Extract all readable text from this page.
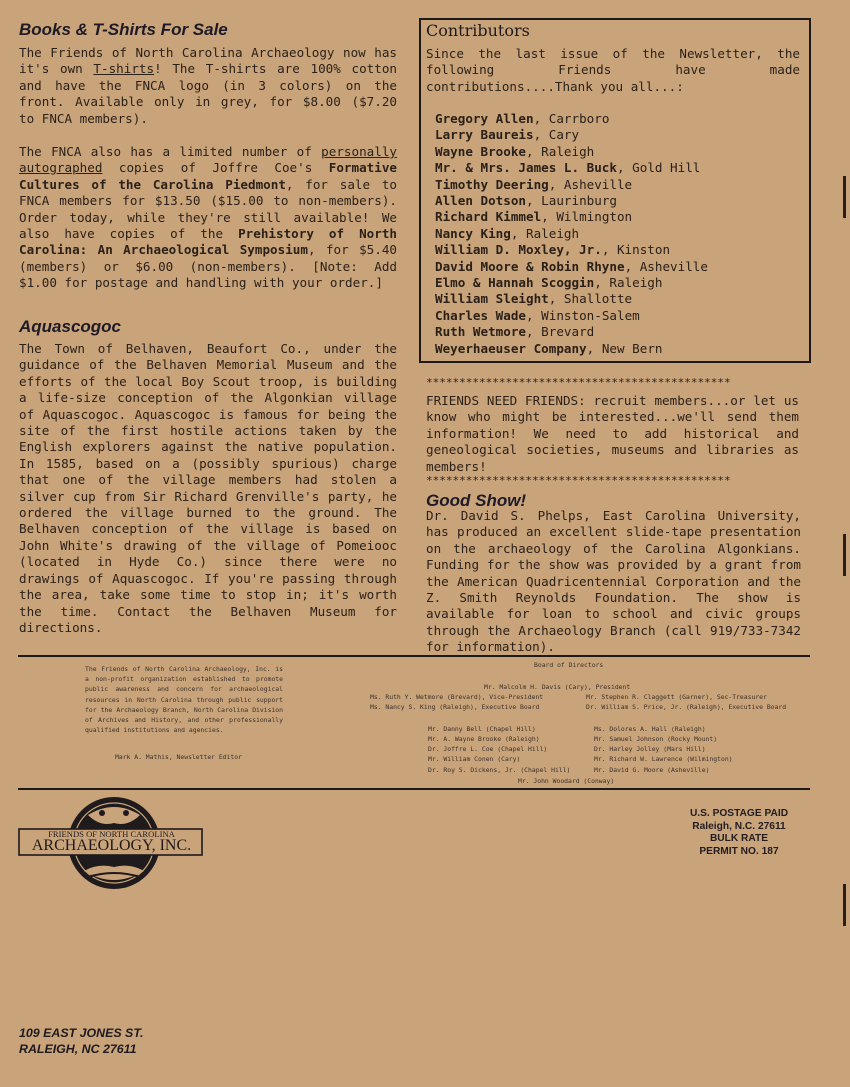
Books & T-Shirts For Sale
The Friends of North Carolina Archaeology now has it's own T-shirts! The T-shirts are 100% cotton and have the FNCA logo (in 3 colors) on the front. Available only in grey, for $8.00 ($7.20 to FNCA members).
The FNCA also has a limited number of personally autographed copies of Joffre Coe's Formative Cultures of the Carolina Piedmont, for sale to FNCA members for $13.50 ($15.00 to non-members). Order today, while they're still available! We also have copies of the Prehistory of North Carolina: An Archaeological Symposium, for $5.40 (members) or $6.00 (non-members). [Note: Add $1.00 for postage and handling with your order.]
Aquascogoc
The Town of Belhaven, Beaufort Co., under the guidance of the Belhaven Memorial Museum and the efforts of the local Boy Scout troop, is building a life-size conception of the Algonkian village of Aquascogoc. Aquascogoc is famous for being the site of the first hostile actions taken by the English explorers against the native population. In 1585, based on a (possibly spurious) charge that one of the village members had stolen a silver cup from Sir Richard Grenville's party, he ordered the village burned to the ground. The Belhaven conception of the village is based on John White's drawing of the village of Pomeiooc (located in Hyde Co.) since there were no drawings of Aquascogoc. If you're passing through the area, take some time to stop in; it's worth the time. Contact the Belhaven Museum for directions.
Contributors
Since the last issue of the Newsletter, the following Friends have made contributions....Thank you all...:
Gregory Allen, Carrboro
Larry Baureis, Cary
Wayne Brooke, Raleigh
Mr. & Mrs. James L. Buck, Gold Hill
Timothy Deering, Asheville
Allen Dotson, Laurinburg
Richard Kimmel, Wilmington
Nancy King, Raleigh
William D. Moxley, Jr., Kinston
David Moore & Robin Rhyne, Asheville
Elmo & Hannah Scoggin, Raleigh
William Sleight, Shallotte
Charles Wade, Winston-Salem
Ruth Wetmore, Brevard
Weyerhaeuser Company, New Bern
**********************************************
FRIENDS NEED FRIENDS: recruit members...or let us know who might be interested...we'll send them information! We need to add historical and geneological societies, museums and libraries as members!
**********************************************
Good Show!
Dr. David S. Phelps, East Carolina University, has produced an excellent slide-tape presentation on the archaeology of the Carolina Algonkians. Funding for the show was provided by a grant from the American Quadricentennial Corporation and the Z. Smith Reynolds Foundation. The show is available for loan to school and civic groups through the Archaeology Branch (call 919/733-7342 for information).
The Friends of North Carolina Archaeology, Inc. is a non-profit organization established to promote public awareness and concern for archaeological resources in North Carolina through public support for the Archaeology Branch, North Carolina Division of Archives and History, and other professionally qualified institutions and agencies.
Mark A. Mathis, Newsletter Editor
Board of Directors
Mr. Malcolm H. Davis (Cary), President
Ms. Ruth Y. Wetmore (Brevard), Vice-President
Ms. Nancy S. King (Raleigh), Executive Board
Mr. Stephen R. Claggett (Garner), Sec-Treasurer
Dr. William S. Price, Jr. (Raleigh), Executive Board
Mr. Danny Bell (Chapel Hill)
Mr. A. Wayne Brooke (Raleigh)
Dr. Joffre L. Coe (Chapel Hill)
Mr. William Conen (Cary)
Dr. Roy S. Dickens, Jr. (Chapel Hill)
Ms. Dolores A. Hall (Raleigh)
Mr. Samuel Johnson (Rocky Mount)
Dr. Harley Jolley (Mars Hill)
Mr. Richard W. Lawrence (Wilmington)
Mr. David G. Moore (Asheville)
Mr. John Woodard (Conway)
FRIENDS OF NORTH CAROLINA
ARCHAEOLOGY, INC.
U.S. POSTAGE PAID
Raleigh, N.C. 27611
BULK RATE
PERMIT NO. 187
109 EAST JONES ST.
RALEIGH, NC 27611
